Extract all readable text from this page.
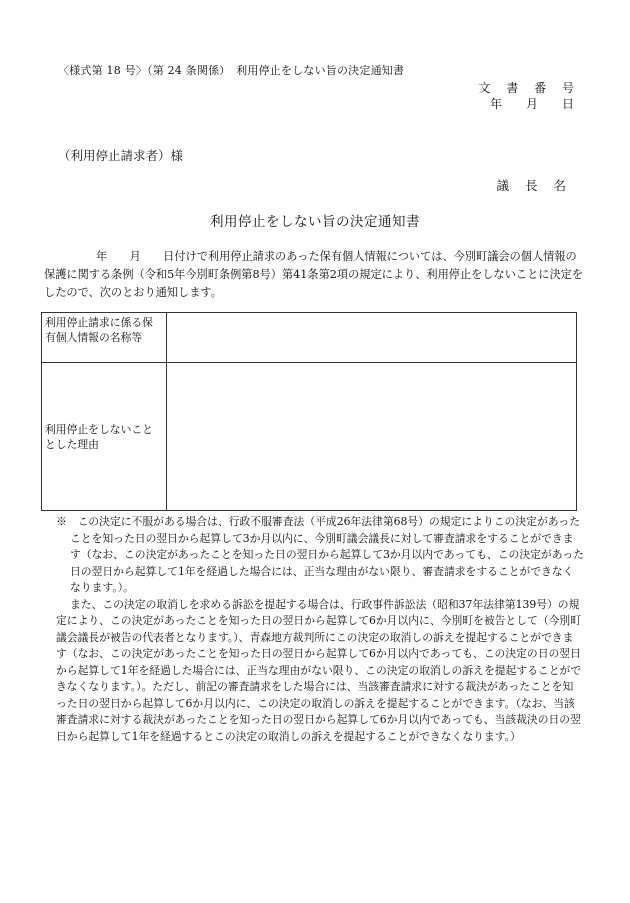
〈様式第 18 号〉（第 24 条関係）　利用停止をしない旨の決定通知書
文 書 番 号
年　月　日
（利用停止請求者）様
議 長 名
利用停止をしない旨の決定通知書
年　　月　　日付けで利用停止請求のあった保有個人情報については、今別町議会の個人情報の保護に関する条例（令和5年今別町条例第8号）第41条第2項の規定により、利用停止をしないことに決定をしたので、次のとおり通知します。
利用停止請求に係る保有個人情報の名称等	
利用停止をしないこととした理由	

※　この決定に不服がある場合は、行政不服審査法（平成26年法律第68号）の規定によりこの決定があったことを知った日の翌日から起算して3か月以内に、今別町議会議長に対して審査請求をすることができます（なお、この決定があったことを知った日の翌日から起算して3か月以内であっても、この決定があった日の翌日から起算して1年を経過した場合には、正当な理由がない限り、審査請求をすることができなくなります。）。

また、この決定の取消しを求める訴訟を提起する場合は、行政事件訴訟法（昭和37年法律第139号）の規定により、この決定があったことを知った日の翌日から起算して6か月以内に、今別町を被告として（今別町議会議長が被告の代表者となります。）、青森地方裁判所にこの決定の取消しの訴えを提起することができます（なお、この決定があったことを知った日の翌日から起算して6か月以内であっても、この決定の日の翌日から起算して1年を経過した場合には、正当な理由がない限り、この決定の取消しの訴えを提起することができなくなります。）。ただし、前記の審査請求をした場合には、当該審査請求に対する裁決があったことを知った日の翌日から起算して6か月以内に、この決定の取消しの訴えを提起することができます。（なお、当該審査請求に対する裁決があったことを知った日の翌日から起算して6か月以内であっても、当該裁決の日の翌日から起算して1年を経過するとこの決定の取消しの訴えを提起することができなくなります。）
